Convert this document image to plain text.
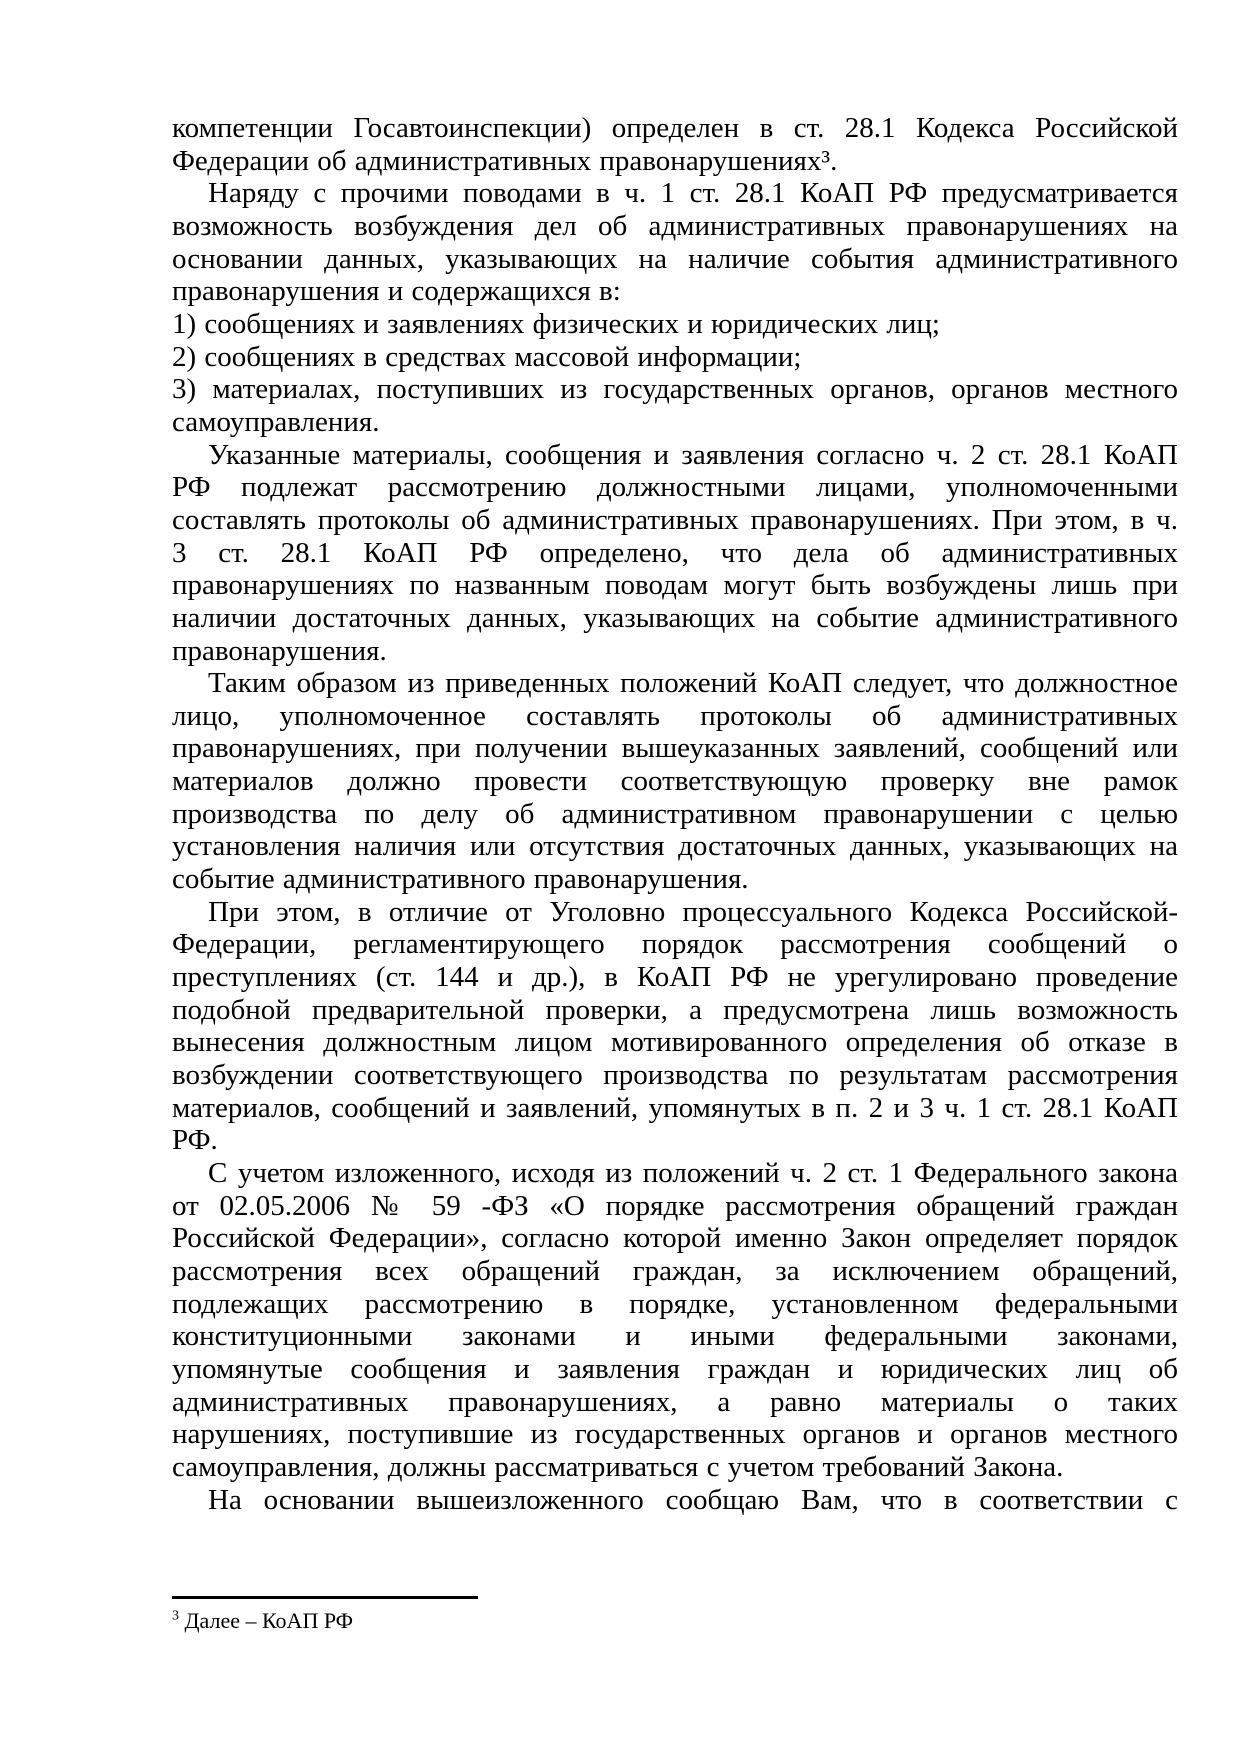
компетенции Госавтоинспекции) определен в ст. 28.1 Кодекса Российской
Федерации об административных правонарушениях³.
Наряду с прочими поводами в ч. 1 ст. 28.1 КоАП РФ предусматривается
возможность возбуждения дел об административных правонарушениях на
основании данных, указывающих на наличие события административного
правонарушения и содержащихся в:
1) сообщениях и заявлениях физических и юридических лиц;
2) сообщениях в средствах массовой информации;
3) материалах, поступивших из государственных органов, органов местного
самоуправления.
Указанные материалы, сообщения и заявления согласно ч. 2 ст. 28.1 КоАП
РФ подлежат рассмотрению должностными лицами, уполномоченными
составлять протоколы об административных правонарушениях. При этом, в ч.
3 ст. 28.1 КоАП РФ определено, что дела об административных
правонарушениях по названным поводам могут быть возбуждены лишь при
наличии достаточных данных, указывающих на событие административного
правонарушения.
Таким образом из приведенных положений КоАП следует, что должностное
лицо, уполномоченное составлять протоколы об административных
правонарушениях, при получении вышеуказанных заявлений, сообщений или
материалов должно провести соответствующую проверку вне рамок
производства по делу об административном правонарушении с целью
установления наличия или отсутствия достаточных данных, указывающих на
событие административного правонарушения.
При этом, в отличие от Уголовно процессуального Кодекса Российской-
Федерации, регламентирующего порядок рассмотрения сообщений о
преступлениях (ст. 144 и др.), в КоАП РФ не урегулировано проведение
подобной предварительной проверки, а предусмотрена лишь возможность
вынесения должностным лицом мотивированного определения об отказе в
возбуждении соответствующего производства по результатам рассмотрения
материалов, сообщений и заявлений, упомянутых в п. 2 и 3 ч. 1 ст. 28.1 КоАП
РФ.
С учетом изложенного, исходя из положений ч. 2 ст. 1 Федерального закона
от 02.05.2006 № 59 -ФЗ «О порядке рассмотрения обращений граждан
Российской Федерации», согласно которой именно Закон определяет порядок
рассмотрения всех обращений граждан, за исключением обращений,
подлежащих рассмотрению в порядке, установленном федеральными
конституционными законами и иными федеральными законами,
упомянутые сообщения и заявления граждан и юридических лиц об
административных правонарушениях, а равно материалы о таких
нарушениях, поступившие из государственных органов и органов местного
самоуправления, должны рассматриваться с учетом требований Закона.
На основании вышеизложенного сообщаю Вам, что в соответствии с
$^3$ Далее – КоАП РФ
